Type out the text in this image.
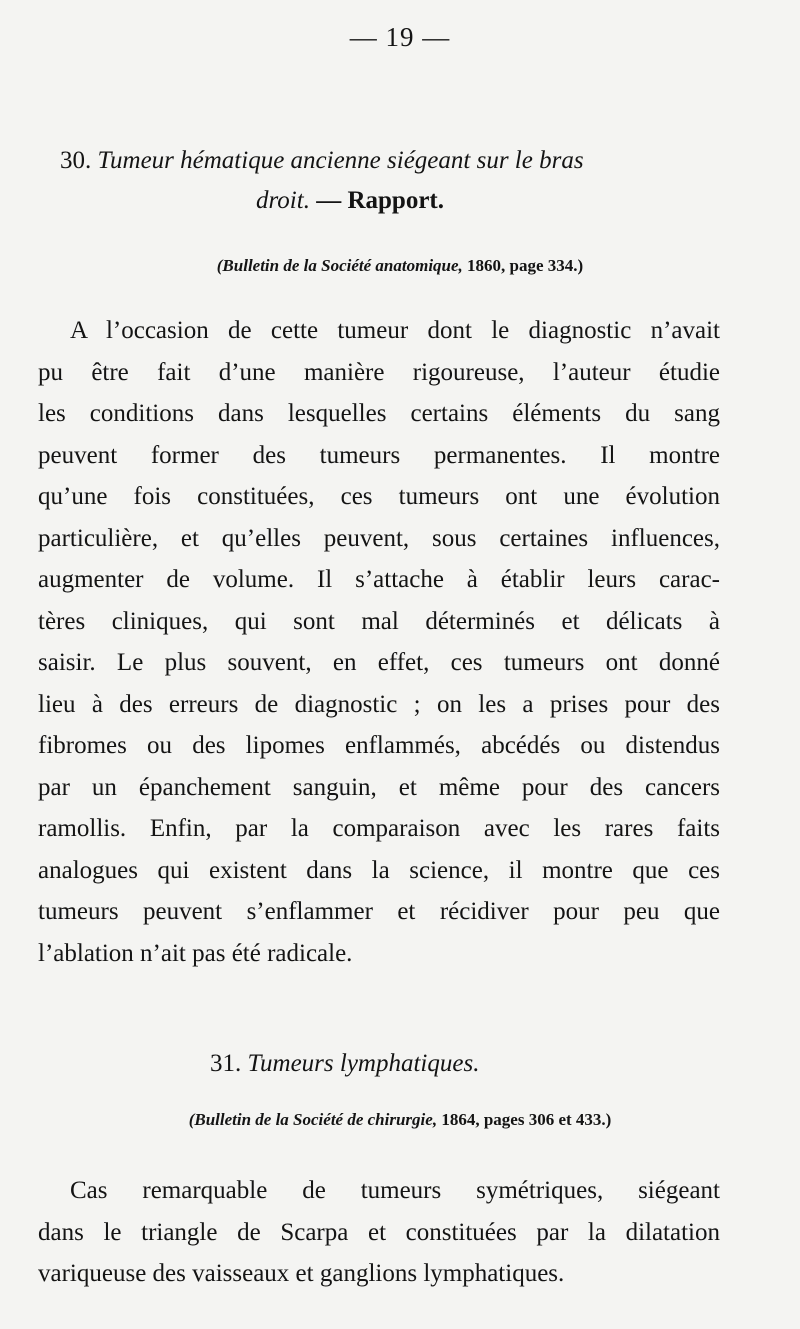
— 19 —
30. Tumeur hématique ancienne siégeant sur le bras
droit. — Rapport.
(Bulletin de la Société anatomique, 1860, page 334.)
A l’occasion de cette tumeur dont le diagnostic n’avait
pu être fait d’une manière rigoureuse, l’auteur étudie
les conditions dans lesquelles certains éléments du sang
peuvent former des tumeurs permanentes. Il montre
qu’une fois constituées, ces tumeurs ont une évolution
particulière, et qu’elles peuvent, sous certaines influences,
augmenter de volume. Il s’attache à établir leurs carac-
tères cliniques, qui sont mal déterminés et délicats à
saisir. Le plus souvent, en effet, ces tumeurs ont donné
lieu à des erreurs de diagnostic ; on les a prises pour des
fibromes ou des lipomes enflammés, abcédés ou distendus
par un épanchement sanguin, et même pour des cancers
ramollis. Enfin, par la comparaison avec les rares faits
analogues qui existent dans la science, il montre que ces
tumeurs peuvent s’enflammer et récidiver pour peu que
l’ablation n’ait pas été radicale.
31. Tumeurs lymphatiques.
(Bulletin de la Société de chirurgie, 1864, pages 306 et 433.)
Cas remarquable de tumeurs symétriques, siégeant
dans le triangle de Scarpa et constituées par la dilatation
variqueuse des vaisseaux et ganglions lymphatiques.
